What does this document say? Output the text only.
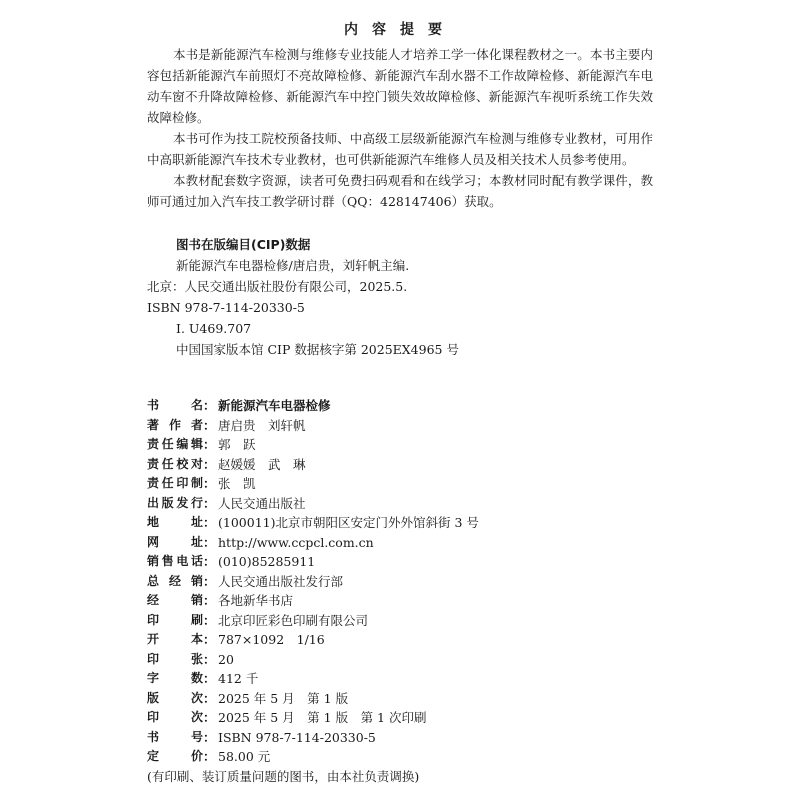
内容提要

本书是新能源汽车检测与维修专业技能人才培养工学一体化课程教材之一。本书主要内容包括新能源汽车前照灯不亮故障检修、新能源汽车刮水器不工作故障检修、新能源汽车电动车窗不升降故障检修、新能源汽车中控门锁失效故障检修、新能源汽车视听系统工作失效故障检修。

本书可作为技工院校预备技师、中高级工层级新能源汽车检测与维修专业教材，可用作中高职新能源汽车技术专业教材，也可供新能源汽车维修人员及相关技术人员参考使用。

本教材配套数字资源，读者可免费扫码观看和在线学习；本教材同时配有教学课件，教师可通过加入汽车技工教学研讨群（QQ：428147406）获取。

图书在版编目(CIP)数据
新能源汽车电器检修/唐启贵，刘轩帆主编.
北京：人民交通出版社股份有限公司，2025.5.
ISBN 978-7-114-20330-5
Ⅰ. U469.707
中国国家版本馆 CIP 数据核字第 2025EX4965 号
书名 ： 新能源汽车电器检修
著作者 ： 唐启贵　刘轩帆
责任编辑 ： 郭　跃
责任校对 ： 赵媛媛　武　琳
责任印制 ： 张　凯
出版发行 ： 人民交通出版社
地址 ： (100011)北京市朝阳区安定门外外馆斜街 3 号
网址 ： http://www.ccpcl.com.cn
销售电话 ： (010)85285911
总经销 ： 人民交通出版社发行部
经销 ： 各地新华书店
印刷 ： 北京印匠彩色印刷有限公司
开本 ： 787×1092　1/16
印张 ： 20
字数 ： 412 千
版次 ： 2025 年 5 月　第 1 版
印次 ： 2025 年 5 月　第 1 版　第 1 次印刷
书号 ： ISBN 978-7-114-20330-5
定价 ： 58.00 元
(有印刷、装订质量问题的图书，由本社负责调换)
